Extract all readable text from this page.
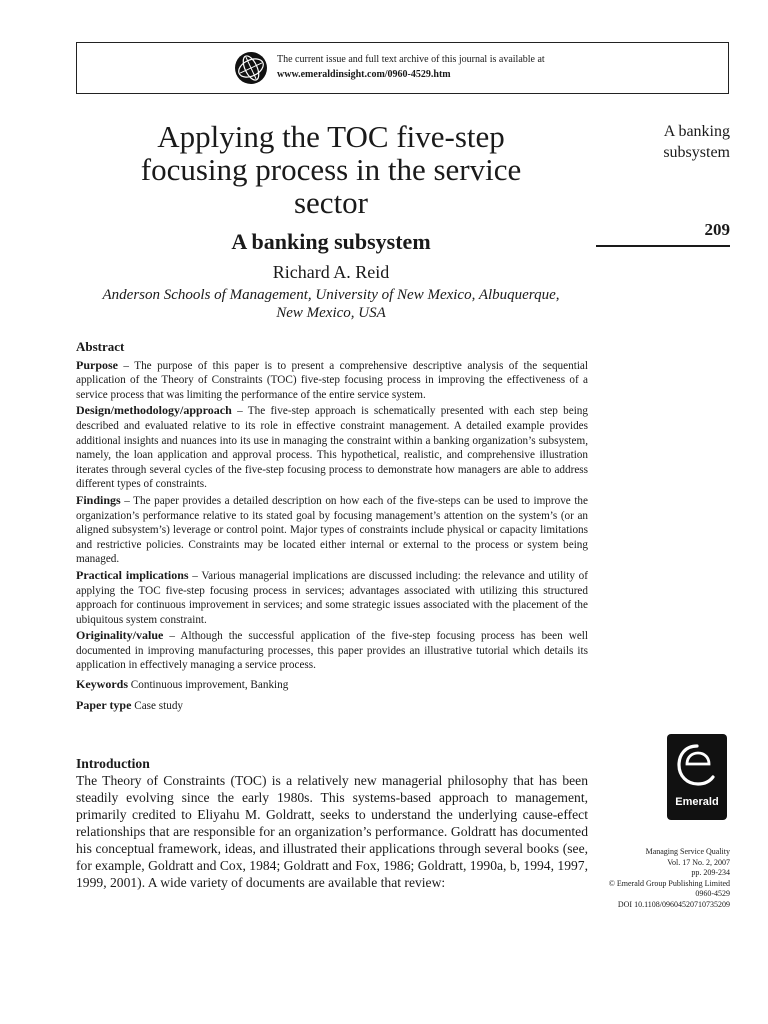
The current issue and full text archive of this journal is available at
www.emeraldinsight.com/0960-4529.htm
Applying the TOC five-step
focusing process in the service
sector
A banking subsystem
Richard A. Reid
Anderson Schools of Management, University of New Mexico, Albuquerque,
New Mexico, USA
A banking
subsystem
209
Abstract

Purpose – The purpose of this paper is to present a comprehensive descriptive analysis of the sequential application of the Theory of Constraints (TOC) five-step focusing process in improving the effectiveness of a service process that was limiting the performance of the entire service system.

Design/methodology/approach – The five-step approach is schematically presented with each step being described and evaluated relative to its role in effective constraint management. A detailed example provides additional insights and nuances into its use in managing the constraint within a banking organization’s subsystem, namely, the loan application and approval process. This hypothetical, realistic, and comprehensive illustration iterates through several cycles of the five-step focusing process to demonstrate how managers are able to address different types of constraints.

Findings – The paper provides a detailed description on how each of the five-steps can be used to improve the organization’s performance relative to its stated goal by focusing management’s attention on the system’s (or an aligned subsystem’s) leverage or control point. Major types of constraints include physical or capacity limitations and restrictive policies. Constraints may be located either internal or external to the process or system being managed.

Practical implications – Various managerial implications are discussed including: the relevance and utility of applying the TOC five-step focusing process in services; advantages associated with utilizing this structured approach for continuous improvement in services; and some strategic issues associated with the placement of the ubiquitous system constraint.

Originality/value – Although the successful application of the five-step focusing process has been well documented in improving manufacturing processes, this paper provides an illustrative tutorial which details its application in effectively managing a service process.

Keywords Continuous improvement, Banking

Paper type Case study

Introduction
The Theory of Constraints (TOC) is a relatively new managerial philosophy that has been steadily evolving since the early 1980s. This systems-based approach to management, primarily credited to Eliyahu M. Goldratt, seeks to understand the underlying cause-effect relationships that are responsible for an organization’s performance. Goldratt has documented his conceptual framework, ideas, and illustrated their applications through several books (see, for example, Goldratt and Cox, 1984; Goldratt and Fox, 1986; Goldratt, 1990a, b, 1994, 1997, 1999, 2001). A wide variety of documents are available that review:
Emerald
Managing Service Quality
Vol. 17 No. 2, 2007
pp. 209-234
© Emerald Group Publishing Limited
0960-4529
DOI 10.1108/09604520710735209
